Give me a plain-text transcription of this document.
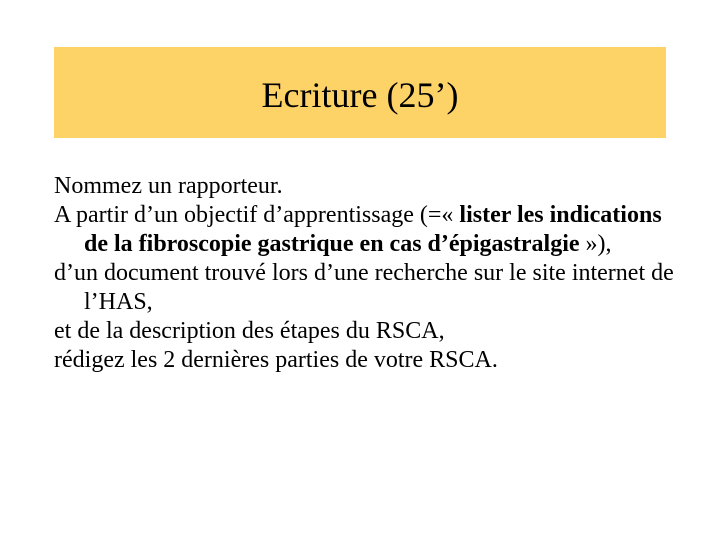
Ecriture (25’)

Nommez un rapporteur.

A partir d’un objectif d’apprentissage (=« lister les indications de la fibroscopie gastrique en cas d’épigastralgie »),

d’un document trouvé lors d’une recherche sur le site internet de l’HAS,

et de la description des étapes du RSCA,

rédigez les 2 dernières parties de votre RSCA.
